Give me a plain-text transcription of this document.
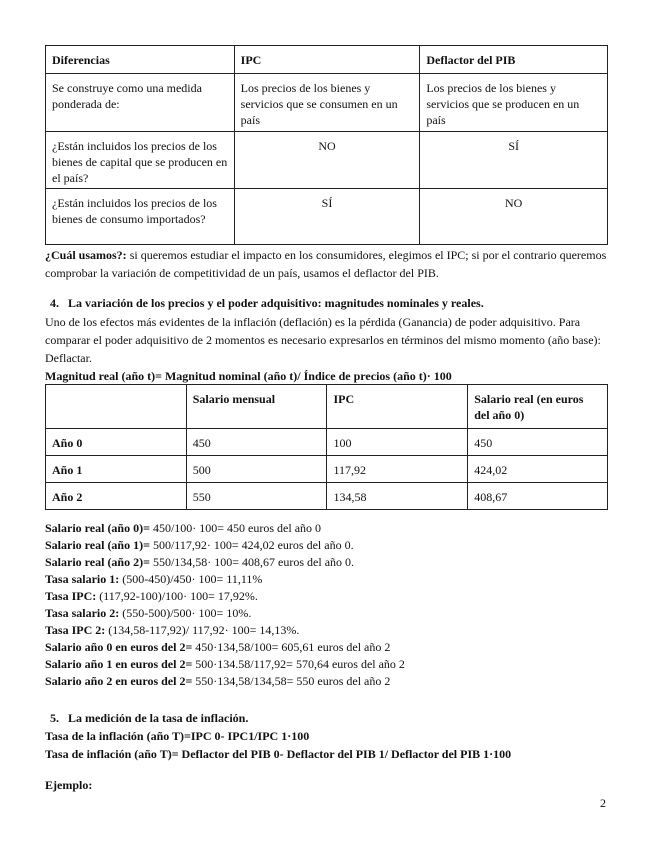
Diferencias	IPC	Deflactor del PIB
Se construye como una medida ponderada de:	Los precios de los bienes y servicios que se consumen en un país	Los precios de los bienes y servicios que se producen en un país
¿Están incluidos los precios de los bienes de capital que se producen en el país?	NO	SÍ
¿Están incluidos los precios de los bienes de consumo importados?	SÍ	NO
¿Cuál usamos?: si queremos estudiar el impacto en los consumidores, elegimos el IPC; si por el contrario queremos comprobar la variación de competitividad de un país, usamos el deflactor del PIB.
4. La variación de los precios y el poder adquisitivo: magnitudes nominales y reales.
Uno de los efectos más evidentes de la inflación (deflación) es la pérdida (Ganancia) de poder adquisitivo. Para comparar el poder adquisitivo de 2 momentos es necesario expresarlos en términos del mismo momento (año base): Deflactar.
Magnitud real (año t)= Magnitud nominal (año t)/ Índice de precios (año t)· 100
	Salario mensual	IPC	Salario real (en euros del año 0)
Año 0	450	100	450
Año 1	500	117,92	424,02
Año 2	550	134,58	408,67
Salario real (año 0)= 450/100· 100= 450 euros del año 0
Salario real (año 1)= 500/117,92· 100= 424,02 euros del año 0.
Salario real (año 2)= 550/134,58· 100= 408,67 euros del año 0.
Tasa salario 1: (500-450)/450· 100= 11,11%
Tasa IPC: (117,92-100)/100· 100= 17,92%.
Tasa salario 2: (550-500)/500· 100= 10%.
Tasa IPC 2: (134,58-117,92)/ 117,92· 100= 14,13%.
Salario año 0 en euros del 2= 450·134,58/100= 605,61 euros del año 2
Salario año 1 en euros del 2= 500·134.58/117,92= 570,64 euros del año 2
Salario año 2 en euros del 2= 550·134,58/134,58= 550 euros del año 2
5. La medición de la tasa de inflación.
Tasa de la inflación (año T)=IPC 0- IPC1/IPC 1·100
Tasa de inflación (año T)= Deflactor del PIB 0- Deflactor del PIB 1/ Deflactor del PIB 1·100
Ejemplo:
2
